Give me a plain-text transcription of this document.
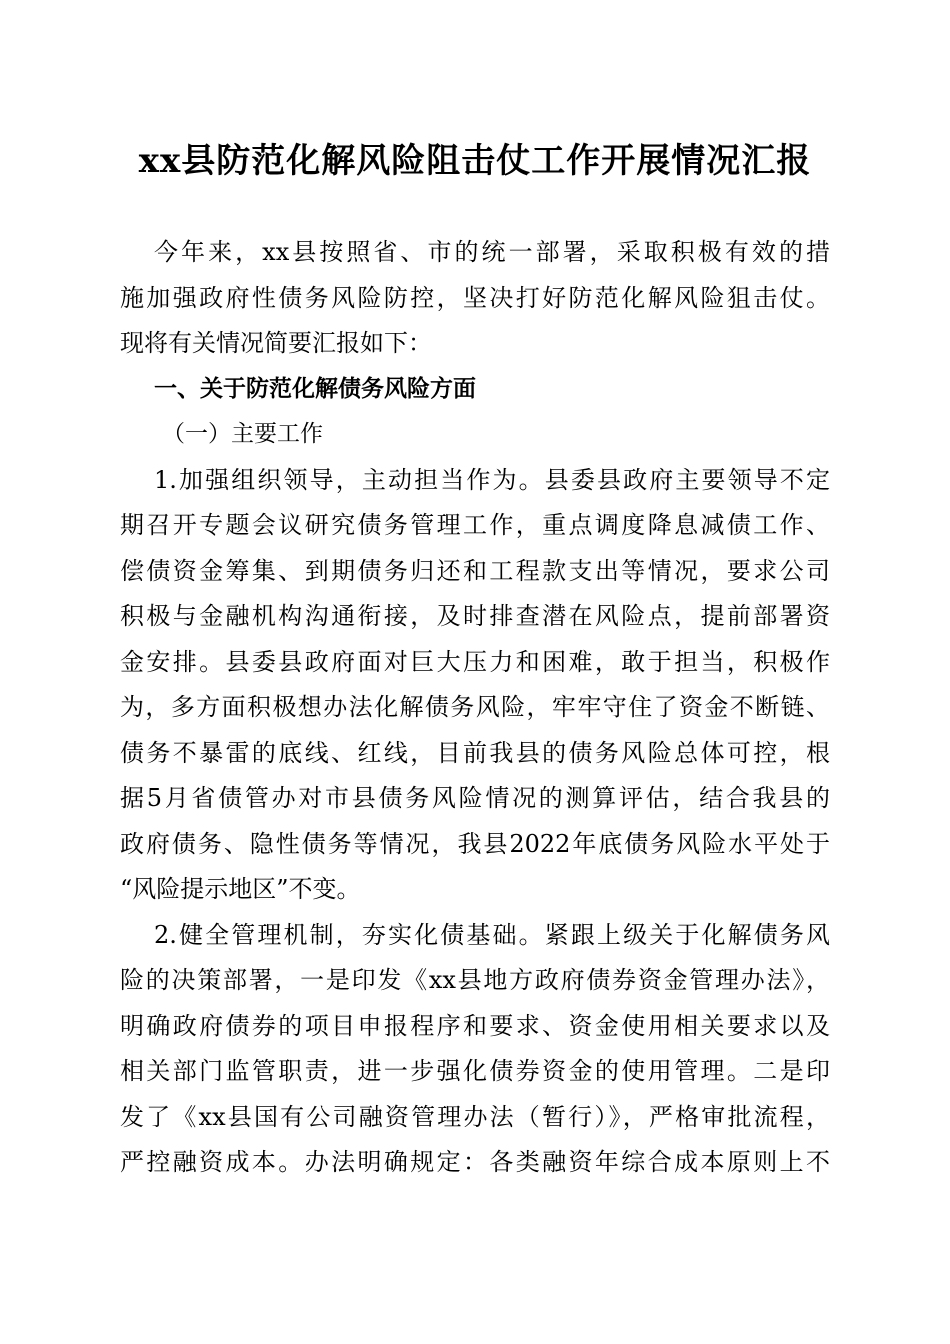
xx县防范化解风险阻击仗工作开展情况汇报
今年来，xx县按照省、市的统一部署，采取积极有效的措
施加强政府性债务风险防控，坚决打好防范化解风险狙击仗。
现将有关情况简要汇报如下：
一、关于防范化解债务风险方面
（一）主要工作
1.加强组织领导，主动担当作为。县委县政府主要领导不定
期召开专题会议研究债务管理工作，重点调度降息减债工作、
偿债资金筹集、到期债务归还和工程款支出等情况，要求公司
积极与金融机构沟通衔接，及时排查潜在风险点，提前部署资
金安排。县委县政府面对巨大压力和困难，敢于担当，积极作
为，多方面积极想办法化解债务风险，牢牢守住了资金不断链、
债务不暴雷的底线、红线，目前我县的债务风险总体可控，根
据5月省债管办对市县债务风险情况的测算评估，结合我县的
政府债务、隐性债务等情况，我县2022年底债务风险水平处于
“风险提示地区”不变。
2.健全管理机制，夯实化债基础。紧跟上级关于化解债务风
险的决策部署，一是印发《xx县地方政府债券资金管理办法》，
明确政府债券的项目申报程序和要求、资金使用相关要求以及
相关部门监管职责，进一步强化债券资金的使用管理。二是印
发了《xx县国有公司融资管理办法（暂行）》，严格审批流程，
严控融资成本。办法明确规定：各类融资年综合成本原则上不
